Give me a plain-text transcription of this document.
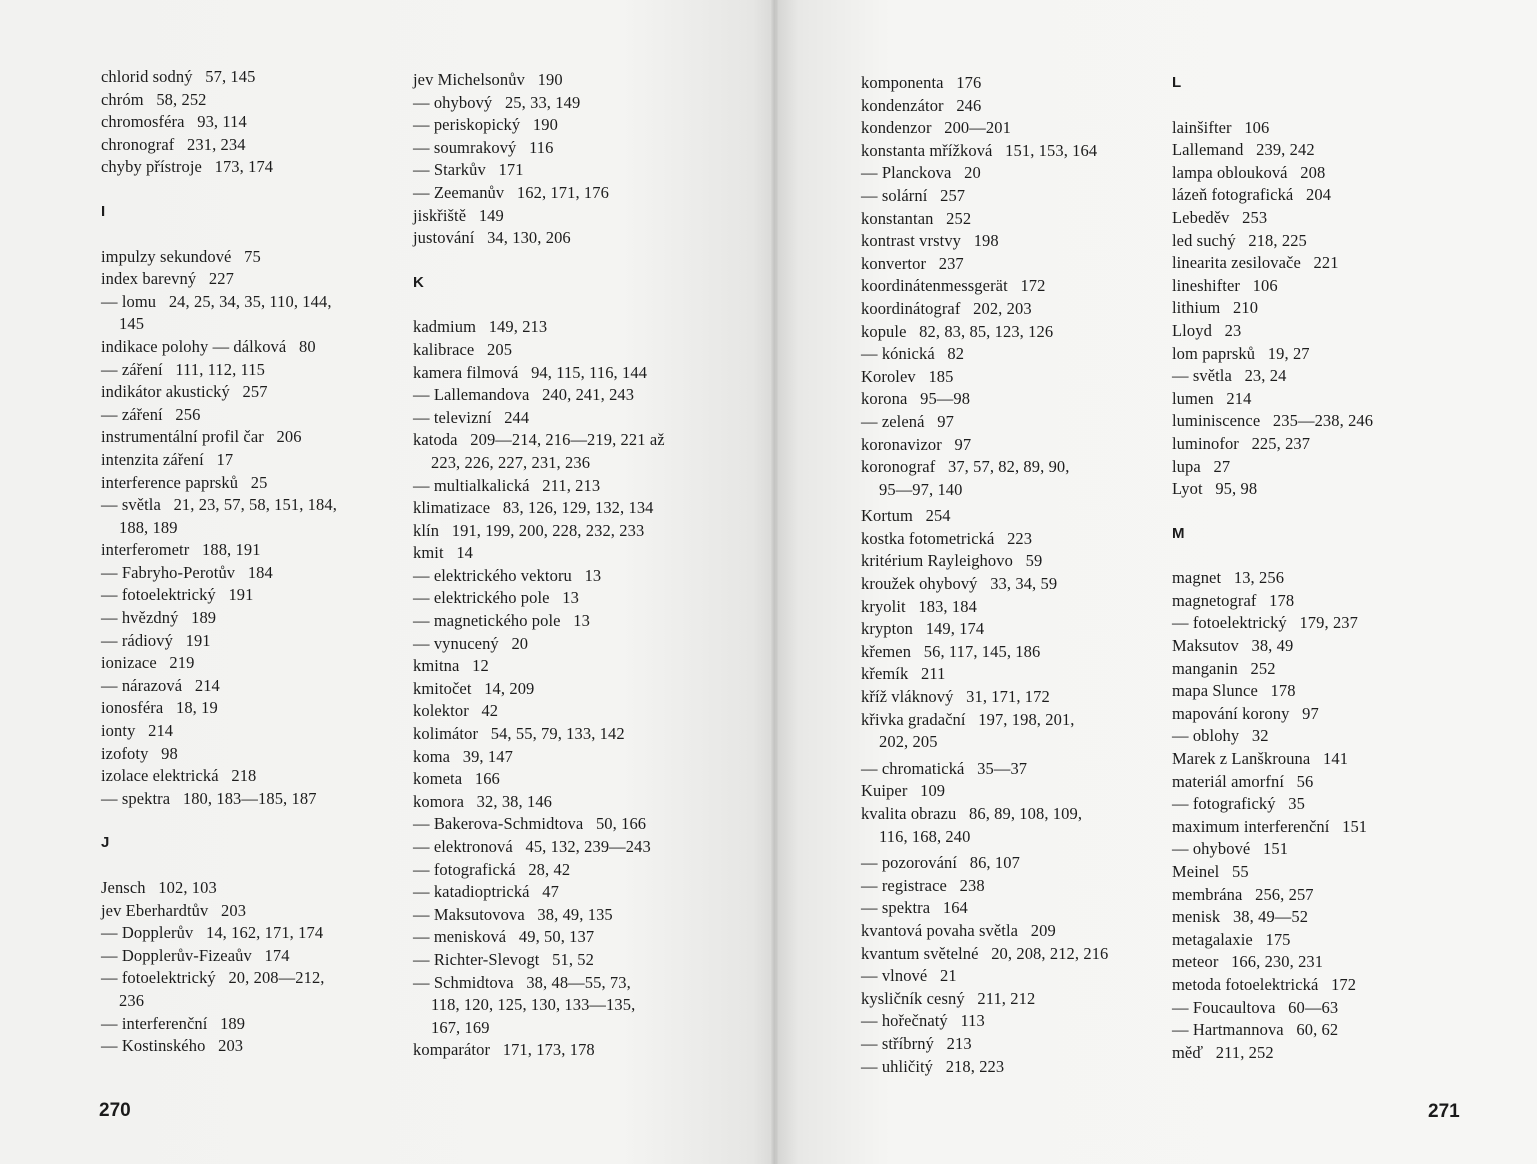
chlorid sodný   57, 145
chróm   58, 252
chromosféra   93, 114
chronograf   231, 234
chyby přístroje   173, 174
I
impulzy sekundové   75
index barevný   227
— lomu   24, 25, 34, 35, 110, 144,
145
indikace polohy — dálková   80
— záření   111, 112, 115
indikátor akustický   257
— záření   256
instrumentální profil čar   206
intenzita záření   17
interference paprsků   25
— světla   21, 23, 57, 58, 151, 184,
188, 189
interferometr   188, 191
— Fabryho-Perotův   184
— fotoelektrický   191
— hvězdný   189
— rádiový   191
ionizace   219
— nárazová   214
ionosféra   18, 19
ionty   214
izofoty   98
izolace elektrická   218
— spektra   180, 183—185, 187
J
Jensch   102, 103
jev Eberhardtův   203
— Dopplerův   14, 162, 171, 174
— Dopplerův-Fizeaův   174
— fotoelektrický   20, 208—212,
236
— interferenční   189
— Kostinského   203
jev Michelsonův   190
— ohybový   25, 33, 149
— periskopický   190
— soumrakový   116
— Starkův   171
— Zeemanův   162, 171, 176
jiskřiště   149
justování   34, 130, 206
K
kadmium   149, 213
kalibrace   205
kamera filmová   94, 115, 116, 144
— Lallemandova   240, 241, 243
— televizní   244
katoda   209—214, 216—219, 221 až
223, 226, 227, 231, 236
— multialkalická   211, 213
klimatizace   83, 126, 129, 132, 134
klín   191, 199, 200, 228, 232, 233
kmit   14
— elektrického vektoru   13
— elektrického pole   13
— magnetického pole   13
— vynucený   20
kmitna   12
kmitočet   14, 209
kolektor   42
kolimátor   54, 55, 79, 133, 142
koma   39, 147
kometa   166
komora   32, 38, 146
— Bakerova-Schmidtova   50, 166
— elektronová   45, 132, 239—243
— fotografická   28, 42
— katadioptrická   47
— Maksutovova   38, 49, 135
— menisková   49, 50, 137
— Richter-Slevogt   51, 52
— Schmidtova   38, 48—55, 73,
118, 120, 125, 130, 133—135,
167, 169
komparátor   171, 173, 178
komponenta   176
kondenzátor   246
kondenzor   200—201
konstanta mřížková   151, 153, 164
— Planckova   20
— solární   257
konstantan   252
kontrast vrstvy   198
konvertor   237
koordinátenmessgerät   172
koordinátograf   202, 203
kopule   82, 83, 85, 123, 126
— kónická   82
Korolev   185
korona   95—98
— zelená   97
koronavizor   97
koronograf   37, 57, 82, 89, 90,
95—97, 140
Kortum   254
kostka fotometrická   223
kritérium Rayleighovo   59
kroužek ohybový   33, 34, 59
kryolit   183, 184
krypton   149, 174
křemen   56, 117, 145, 186
křemík   211
kříž vláknový   31, 171, 172
křivka gradační   197, 198, 201,
202, 205
— chromatická   35—37
Kuiper   109
kvalita obrazu   86, 89, 108, 109,
116, 168, 240
— pozorování   86, 107
— registrace   238
— spektra   164
kvantová povaha světla   209
kvantum světelné   20, 208, 212, 216
— vlnové   21
kysličník cesný   211, 212
— hořečnatý   113
— stříbrný   213
— uhličitý   218, 223
L
lainšifter   106
Lallemand   239, 242
lampa oblouková   208
lázeň fotografická   204
Lebeděv   253
led suchý   218, 225
linearita zesilovače   221
lineshifter   106
lithium   210
Lloyd   23
lom paprsků   19, 27
— světla   23, 24
lumen   214
luminiscence   235—238, 246
luminofor   225, 237
lupa   27
Lyot   95, 98
M
magnet   13, 256
magnetograf   178
— fotoelektrický   179, 237
Maksutov   38, 49
manganin   252
mapa Slunce   178
mapování korony   97
— oblohy   32
Marek z Lanškrouna   141
materiál amorfní   56
— fotografický   35
maximum interferenční   151
— ohybové   151
Meinel   55
membrána   256, 257
menisk   38, 49—52
metagalaxie   175
meteor   166, 230, 231
metoda fotoelektrická   172
— Foucaultova   60—63
— Hartmannova   60, 62
měď   211, 252
270	271
